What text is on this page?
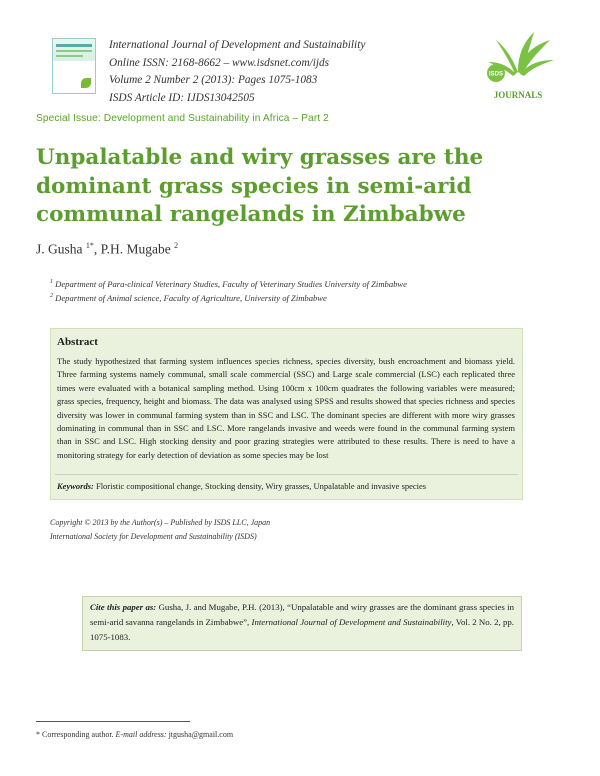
International Journal of Development and Sustainability
Online ISSN: 2168-8662 – www.isdsnet.com/ijds
Volume 2 Number 2 (2013): Pages 1075-1083
ISDS Article ID: IJDS13042505
ISDS
JOURNALS
Special Issue: Development and Sustainability in Africa – Part 2
Unpalatable and wiry grasses are the
dominant grass species in semi-arid
communal rangelands in Zimbabwe
J. Gusha $^{1*}$, P.H. Mugabe $^2$
$^1$ Department of Para-clinical Veterinary Studies, Faculty of Veterinary Studies University of Zimbabwe
$^2$ Department of Animal science, Faculty of Agriculture, University of Zimbabwe
Abstract
The study hypothesized that farming system influences species richness, species diversity, bush encroachment and biomass yield. Three farming systems namely communal, small scale commercial (SSC) and Large scale commercial (LSC) each replicated three times were evaluated with a botanical sampling method. Using 100cm x 100cm quadrates the following variables were measured; grass species, frequency, height and biomass. The data was analysed using SPSS and results showed that species richness and species diversity was lower in communal farming system than in SSC and LSC. The dominant species are different with more wiry grasses dominating in communal than in SSC and LSC. More rangelands invasive and weeds were found in the communal farming system than in SSC and LSC. High stocking density and poor grazing strategies were attributed to these results. There is need to have a monitoring strategy for early detection of deviation as some species may be lost
Keywords: Floristic compositional change, Stocking density, Wiry grasses, Unpalatable and invasive species
Copyright © 2013 by the Author(s) – Published by ISDS LLC, Japan
International Society for Development and Sustainability (ISDS)
Cite this paper as: Gusha, J. and Mugabe, P.H. (2013), “Unpalatable and wiry grasses are the dominant grass species in semi-arid savanna rangelands in Zimbabwe”, International Journal of Development and Sustainability, Vol. 2 No. 2, pp. 1075-1083.
* Corresponding author. E-mail address: jtgusha@gmail.com
